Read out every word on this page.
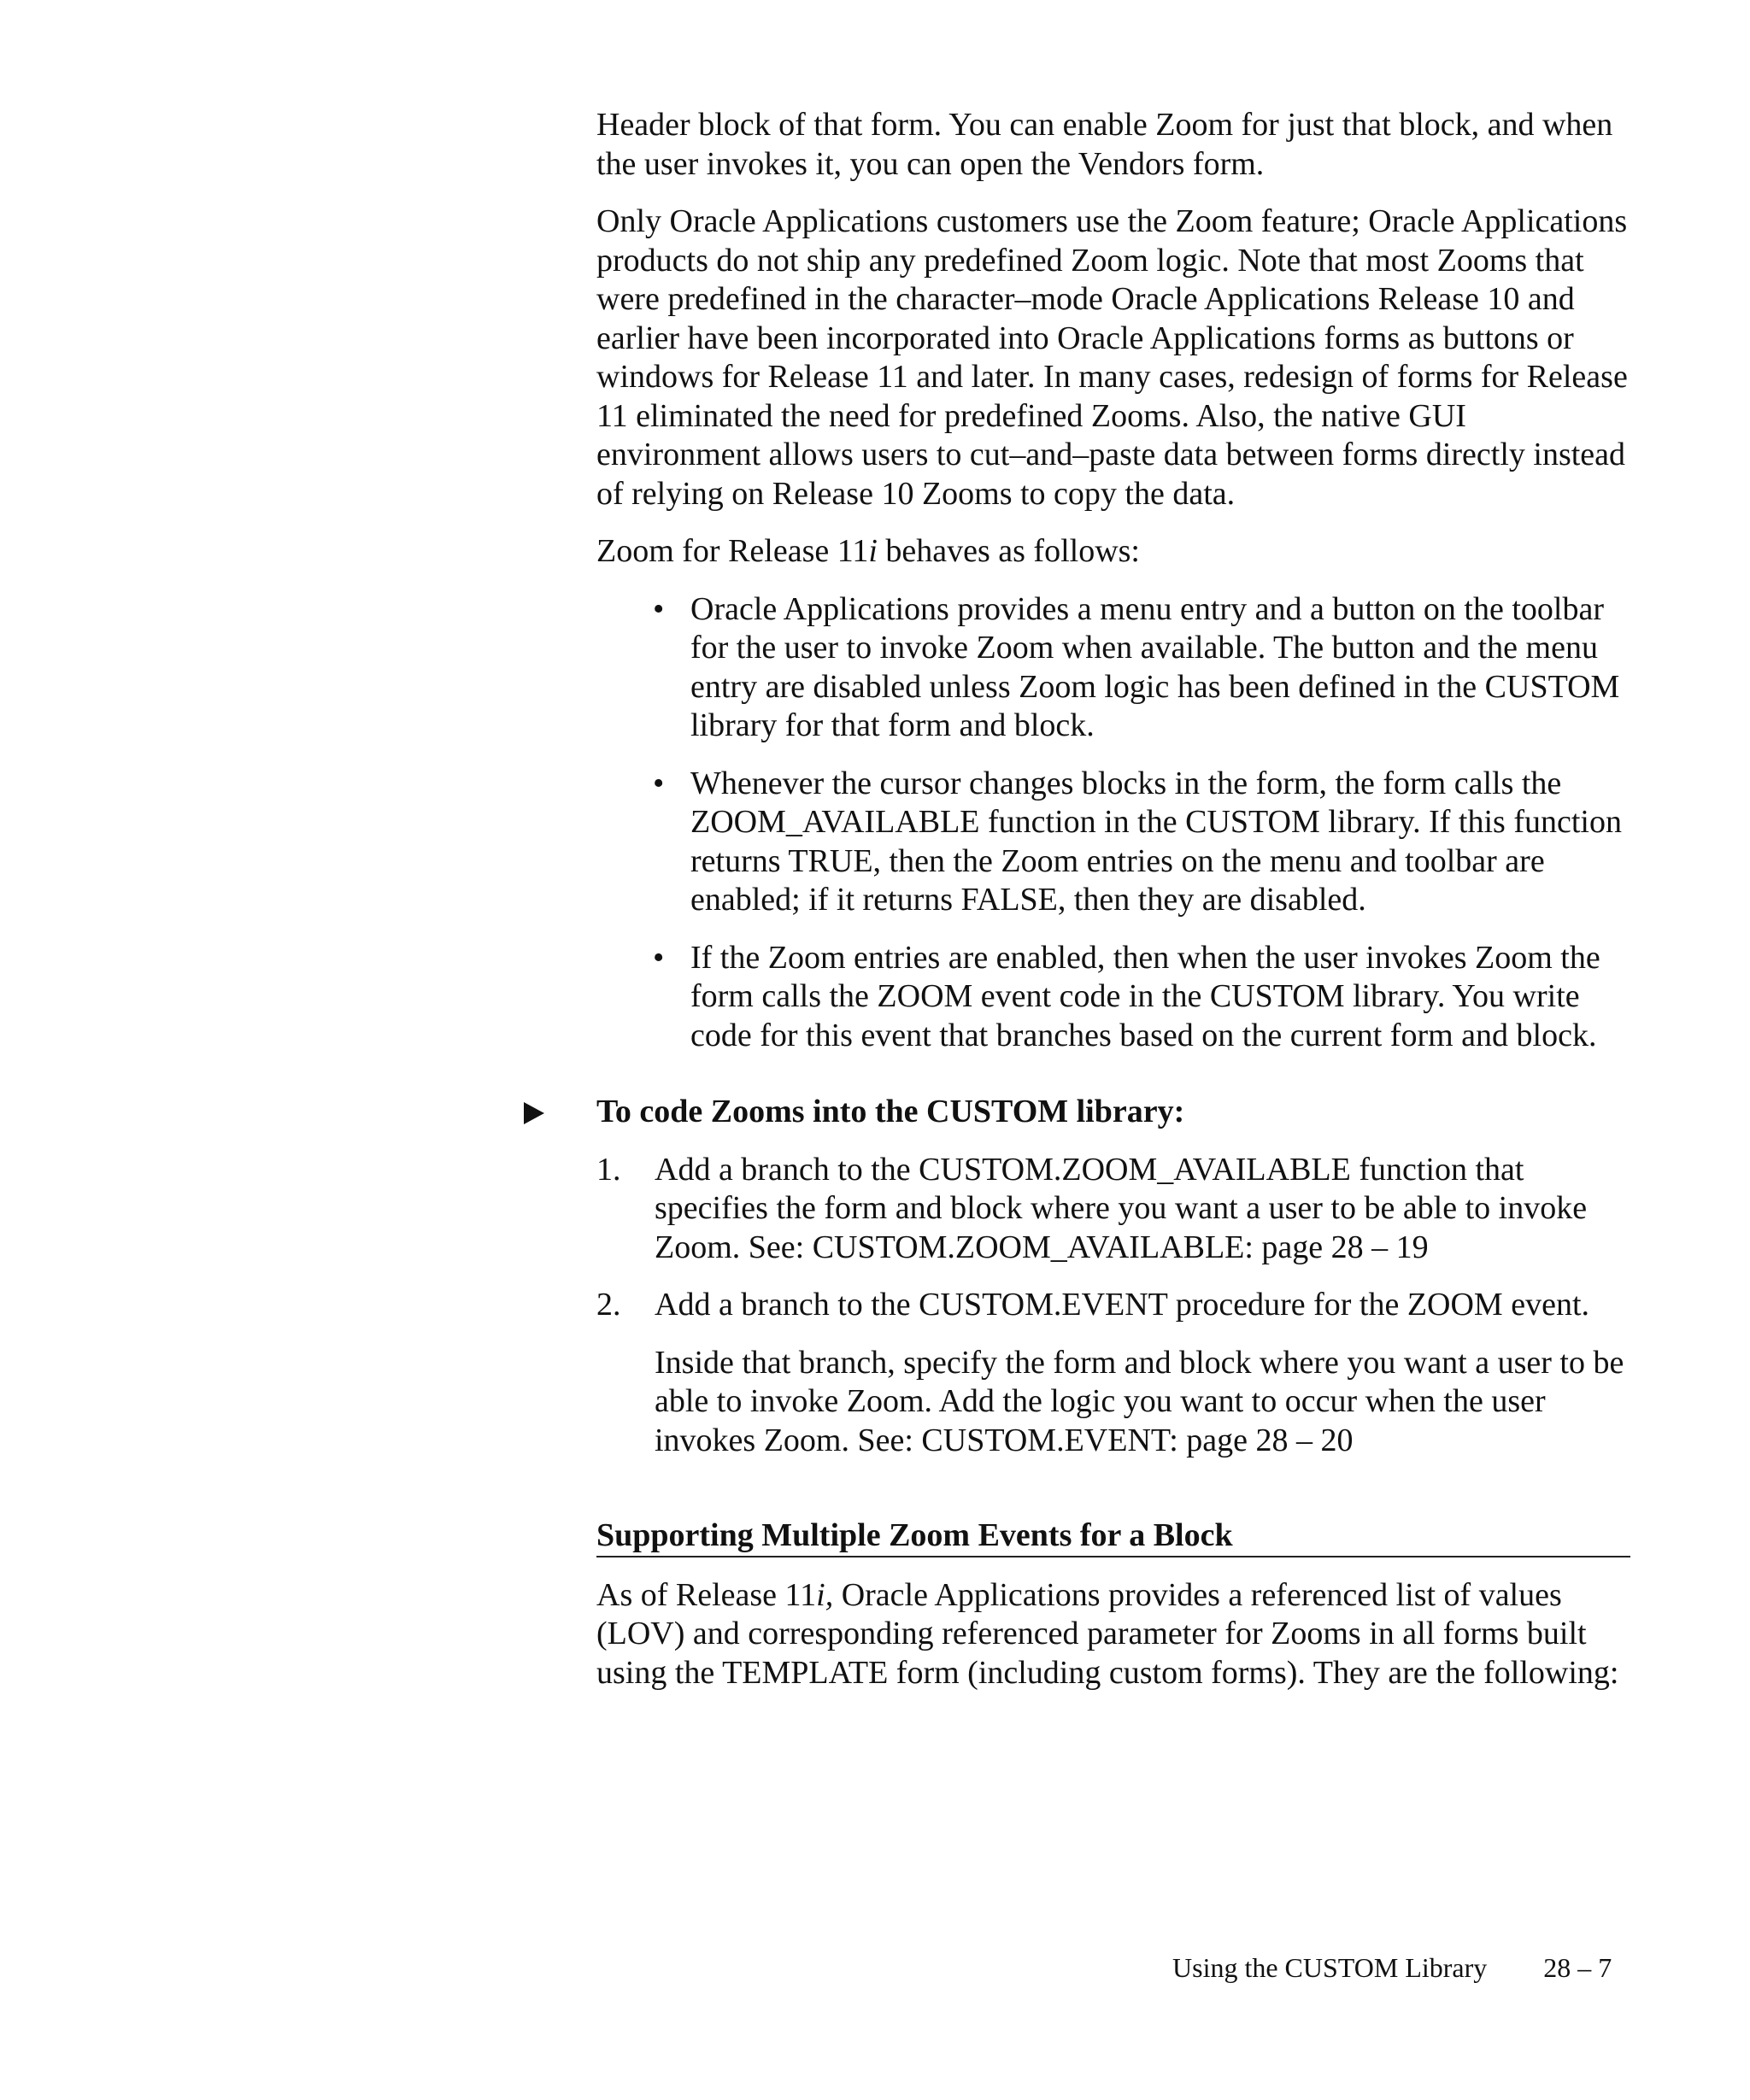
Header block of that form. You can enable Zoom for just that block, and when the user invokes it, you can open the Vendors form.

Only Oracle Applications customers use the Zoom feature; Oracle Applications products do not ship any predefined Zoom logic. Note that most Zooms that were predefined in the character–mode Oracle Applications Release 10 and earlier have been incorporated into Oracle Applications forms as buttons or windows for Release 11 and later. In many cases, redesign of forms for Release 11 eliminated the need for predefined Zooms. Also, the native GUI environment allows users to cut–and–paste data between forms directly instead of relying on Release 10 Zooms to copy the data.

Zoom for Release 11i behaves as follows:

• Oracle Applications provides a menu entry and a button on the toolbar for the user to invoke Zoom when available. The button and the menu entry are disabled unless Zoom logic has been defined in the CUSTOM library for that form and block.
• Whenever the cursor changes blocks in the form, the form calls the ZOOM_AVAILABLE function in the CUSTOM library. If this function returns TRUE, then the Zoom entries on the menu and toolbar are enabled; if it returns FALSE, then they are disabled.
• If the Zoom entries are enabled, then when the user invokes Zoom the form calls the ZOOM event code in the CUSTOM library. You write code for this event that branches based on the current form and block.
To code Zooms into the CUSTOM library:
1. Add a branch to the CUSTOM.ZOOM_AVAILABLE function that specifies the form and block where you want a user to be able to invoke Zoom. See: CUSTOM.ZOOM_AVAILABLE: page 28 – 19
2. Add a branch to the CUSTOM.EVENT procedure for the ZOOM event.
Inside that branch, specify the form and block where you want a user to be able to invoke Zoom. Add the logic you want to occur when the user invokes Zoom. See: CUSTOM.EVENT: page 28 – 20
Supporting Multiple Zoom Events for a Block

As of Release 11i, Oracle Applications provides a referenced list of values (LOV) and corresponding referenced parameter for Zooms in all forms built using the TEMPLATE form (including custom forms). They are the following:

Using the CUSTOM Library 28 – 7
